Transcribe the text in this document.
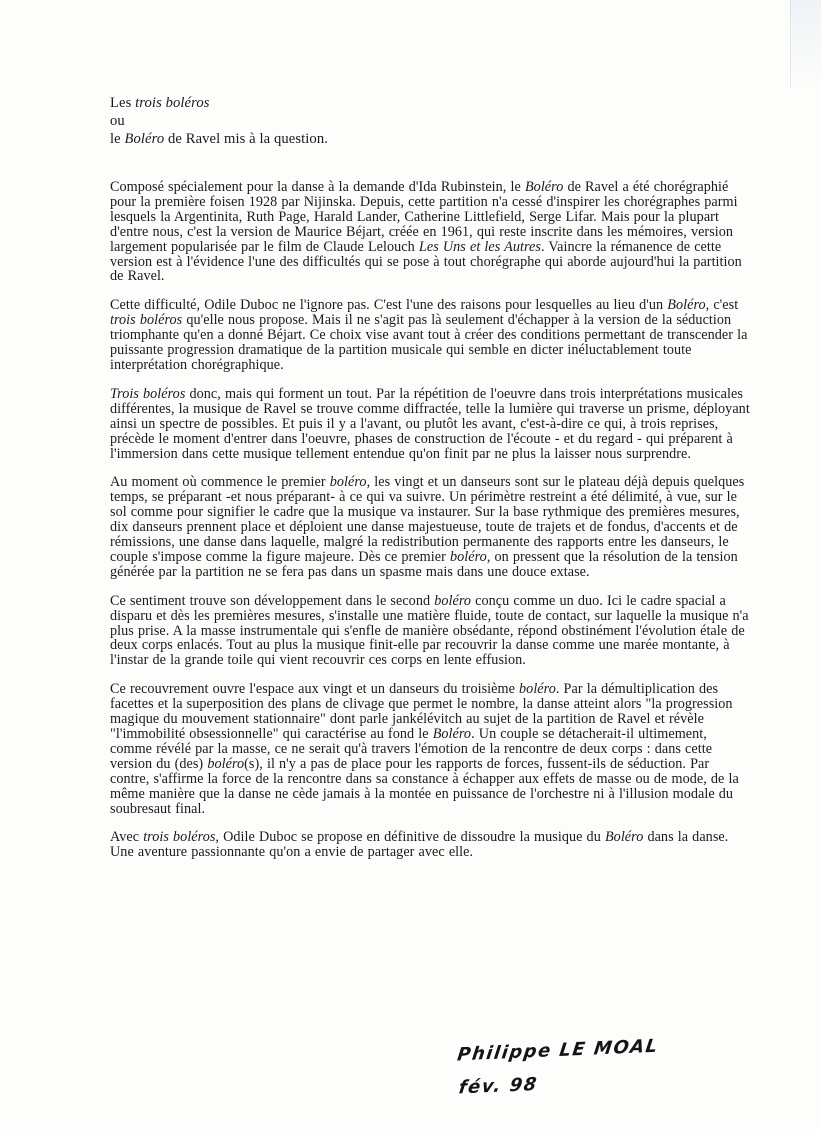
Les trois boléros

ou

le Boléro de Ravel mis à la question.

Composé spécialement pour la danse à la demande d'Ida Rubinstein, le Boléro de Ravel a été chorégraphié pour la première foisen 1928 par Nijinska. Depuis, cette partition n'a cessé d'inspirer les chorégraphes parmi lesquels la Argentinita, Ruth Page, Harald Lander, Catherine Littlefield, Serge Lifar. Mais pour la plupart d'entre nous, c'est la version de Maurice Béjart, créée en 1961, qui reste inscrite dans les mémoires, version largement popularisée par le film de Claude Lelouch Les Uns et les Autres. Vaincre la rémanence de cette version est à l'évidence l'une des difficultés qui se pose à tout chorégraphe qui aborde aujourd'hui la partition de Ravel.

Cette difficulté, Odile Duboc ne l'ignore pas. C'est l'une des raisons pour lesquelles au lieu d'un Boléro, c'est trois boléros qu'elle nous propose. Mais il ne s'agit pas là seulement d'échapper à la version de la séduction triomphante qu'en a donné Béjart. Ce choix vise avant tout à créer des conditions permettant de transcender la puissante progression dramatique de la partition musicale qui semble en dicter inéluctablement toute interprétation chorégraphique.

Trois boléros donc, mais qui forment un tout. Par la répétition de l'oeuvre dans trois interprétations musicales différentes, la musique de Ravel se trouve comme diffractée, telle la lumière qui traverse un prisme, déployant ainsi un spectre de possibles. Et puis il y a l'avant, ou plutôt les avant, c'est-à-dire ce qui, à trois reprises, précède le moment d'entrer dans l'oeuvre, phases de construction de l'écoute - et du regard - qui préparent à l'immersion dans cette musique tellement entendue qu'on finit par ne plus la laisser nous surprendre.

Au moment où commence le premier boléro, les vingt et un danseurs sont sur le plateau déjà depuis quelques temps, se préparant -et nous préparant- à ce qui va suivre. Un périmètre restreint a été délimité, à vue, sur le sol comme pour signifier le cadre que la musique va instaurer. Sur la base rythmique des premières mesures, dix danseurs prennent place et déploient une danse majestueuse, toute de trajets et de fondus, d'accents et de rémissions, une danse dans laquelle, malgré la redistribution permanente des rapports entre les danseurs, le couple s'impose comme la figure majeure. Dès ce premier boléro, on pressent que la résolution de la tension générée par la partition ne se fera pas dans un spasme mais dans une douce extase.

Ce sentiment trouve son développement dans le second boléro conçu comme un duo. Ici le cadre spacial a disparu et dès les premières mesures, s'installe une matière fluide, toute de contact, sur laquelle la musique n'a plus prise. A la masse instrumentale qui s'enfle de manière obsédante, répond obstinément l'évolution étale de deux corps enlacés. Tout au plus la musique finit-elle par recouvrir la danse comme une marée montante, à l'instar de la grande toile qui vient recouvrir ces corps en lente effusion.

Ce recouvrement ouvre l'espace aux vingt et un danseurs du troisième boléro. Par la démultiplication des facettes et la superposition des plans de clivage que permet le nombre, la danse atteint alors "la progression magique du mouvement stationnaire" dont parle jankélévitch au sujet de la partition de Ravel et révèle "l'immobilité obsessionnelle" qui caractérise au fond le Boléro. Un couple se détacherait-il ultimement, comme révélé par la masse, ce ne serait qu'à travers l'émotion de la rencontre de deux corps : dans cette version du (des) boléro(s), il n'y a pas de place pour les rapports de forces, fussent-ils de séduction. Par contre, s'affirme la force de la rencontre dans sa constance à échapper aux effets de masse ou de mode, de la même manière que la danse ne cède jamais à la montée en puissance de l'orchestre ni à l'illusion modale du soubresaut final.

Avec trois boléros, Odile Duboc se propose en définitive de dissoudre la musique du Boléro dans la danse. Une aventure passionnante qu'on a envie de partager avec elle.

Philippe LE MOAL
fév. 98
